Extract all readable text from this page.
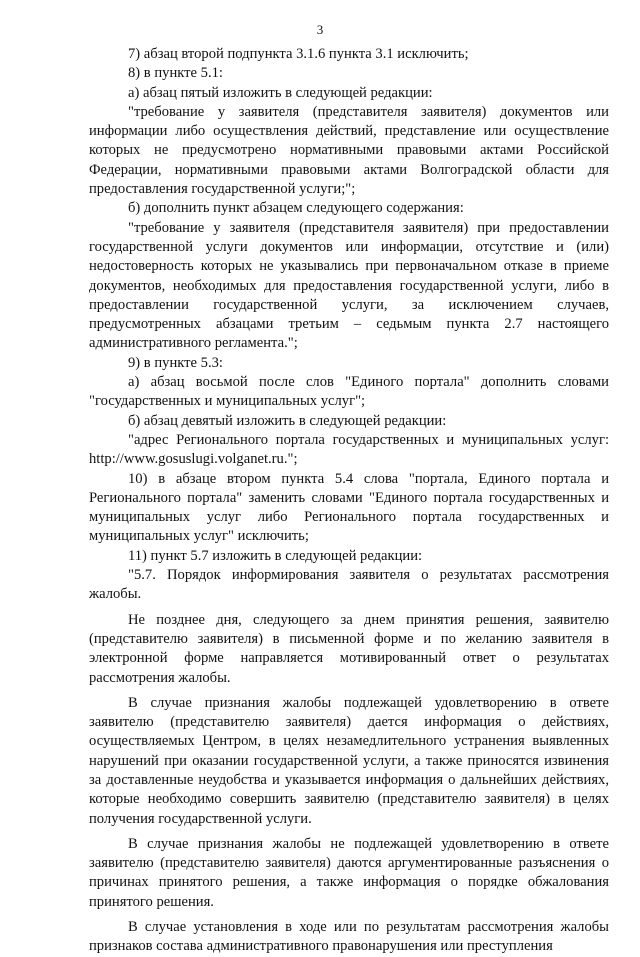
3

7) абзац второй подпункта 3.1.6 пункта 3.1 исключить;

8) в пункте 5.1:

а) абзац пятый изложить в следующей редакции:

"требование у заявителя (представителя заявителя) документов или информации либо осуществления действий, представление или осуществление которых не предусмотрено нормативными правовыми актами Российской Федерации, нормативными правовыми актами Волгоградской области для предоставления государственной услуги;";

б) дополнить пункт абзацем следующего содержания:

"требование у заявителя (представителя заявителя) при предоставлении государственной услуги документов или информации, отсутствие и (или) недостоверность которых не указывались при первоначальном отказе в приеме документов, необходимых для предоставления государственной услуги, либо в предоставлении государственной услуги, за исключением случаев, предусмотренных абзацами третьим – седьмым пункта 2.7 настоящего административного регламента.";

9) в пункте 5.3:

а) абзац восьмой после слов "Единого портала" дополнить словами "государственных и муниципальных услуг";

б) абзац девятый изложить в следующей редакции:

"адрес Регионального портала государственных и муниципальных услуг: http://www.gosuslugi.volganet.ru.";

10) в абзаце втором пункта 5.4 слова "портала, Единого портала и Регионального портала" заменить словами "Единого портала государственных и муниципальных услуг либо Регионального портала государственных и муниципальных услуг" исключить;

11) пункт 5.7 изложить в следующей редакции:

"5.7. Порядок информирования заявителя о результатах рассмотрения жалобы.

Не позднее дня, следующего за днем принятия решения, заявителю (представителю заявителя) в письменной форме и по желанию заявителя в электронной форме направляется мотивированный ответ о результатах рассмотрения жалобы.

В случае признания жалобы подлежащей удовлетворению в ответе заявителю (представителю заявителя) дается информация о действиях, осуществляемых Центром, в целях незамедлительного устранения выявленных нарушений при оказании государственной услуги, а также приносятся извинения за доставленные неудобства и указывается информация о дальнейших действиях, которые необходимо совершить заявителю (представителю заявителя) в целях получения государственной услуги.

В случае признания жалобы не подлежащей удовлетворению в ответе заявителю (представителю заявителя) даются аргументированные разъяснения о причинах принятого решения, а также информация о порядке обжалования принятого решения.

В случае установления в ходе или по результатам рассмотрения жалобы признаков состава административного правонарушения или преступления
